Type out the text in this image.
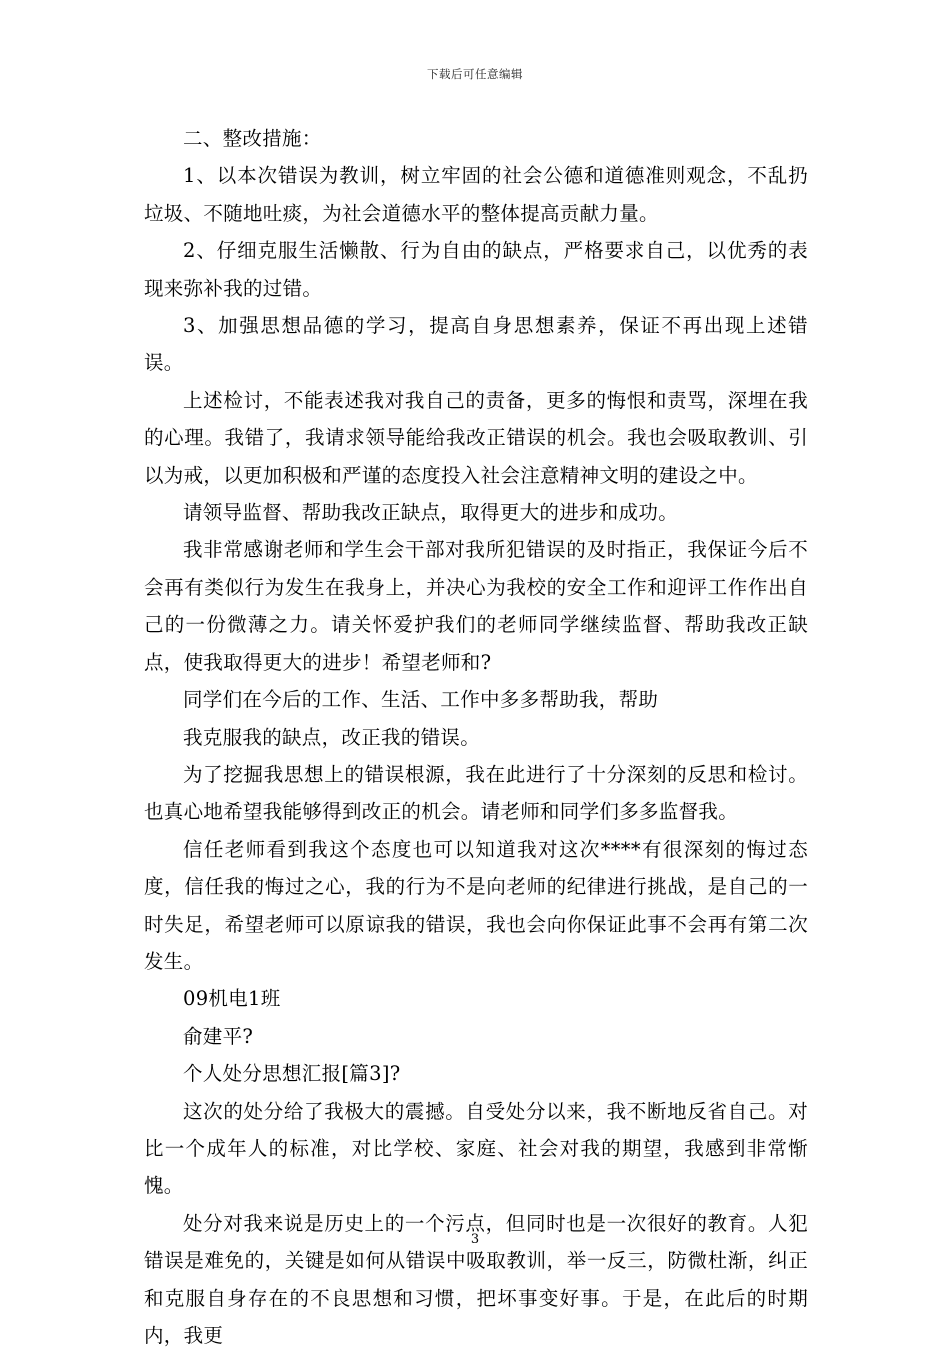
下载后可任意编辑

二、整改措施：

1、以本次错误为教训，树立牢固的社会公德和道德准则观念，不乱扔垃圾、不随地吐痰，为社会道德水平的整体提高贡献力量。

2、仔细克服生活懒散、行为自由的缺点，严格要求自己，以优秀的表现来弥补我的过错。

3、加强思想品德的学习，提高自身思想素养，保证不再出现上述错误。

上述检讨，不能表述我对我自己的责备，更多的悔恨和责骂，深埋在我的心理。我错了，我请求领导能给我改正错误的机会。我也会吸取教训、引以为戒，以更加积极和严谨的态度投入社会注意精神文明的建设之中。

请领导监督、帮助我改正缺点，取得更大的进步和成功。

我非常感谢老师和学生会干部对我所犯错误的及时指正，我保证今后不会再有类似行为发生在我身上，并决心为我校的安全工作和迎评工作作出自己的一份微薄之力。请关怀爱护我们的老师同学继续监督、帮助我改正缺点，使我取得更大的进步！希望老师和?

同学们在今后的工作、生活、工作中多多帮助我，帮助

我克服我的缺点，改正我的错误。

为了挖掘我思想上的错误根源，我在此进行了十分深刻的反思和检讨。也真心地希望我能够得到改正的机会。请老师和同学们多多监督我。

信任老师看到我这个态度也可以知道我对这次****有很深刻的悔过态度，信任我的悔过之心，我的行为不是向老师的纪律进行挑战，是自己的一时失足，希望老师可以原谅我的错误，我也会向你保证此事不会再有第二次发生。

09机电1班

俞建平?

个人处分思想汇报[篇3]?

这次的处分给了我极大的震撼。自受处分以来，我不断地反省自己。对比一个成年人的标准，对比学校、家庭、社会对我的期望，我感到非常惭愧。

处分对我来说是历史上的一个污点，但同时也是一次很好的教育。人犯错误是难免的，关键是如何从错误中吸取教训，举一反三，防微杜渐，纠正和克服自身存在的不良思想和习惯，把坏事变好事。于是，在此后的时期内，我更

3
